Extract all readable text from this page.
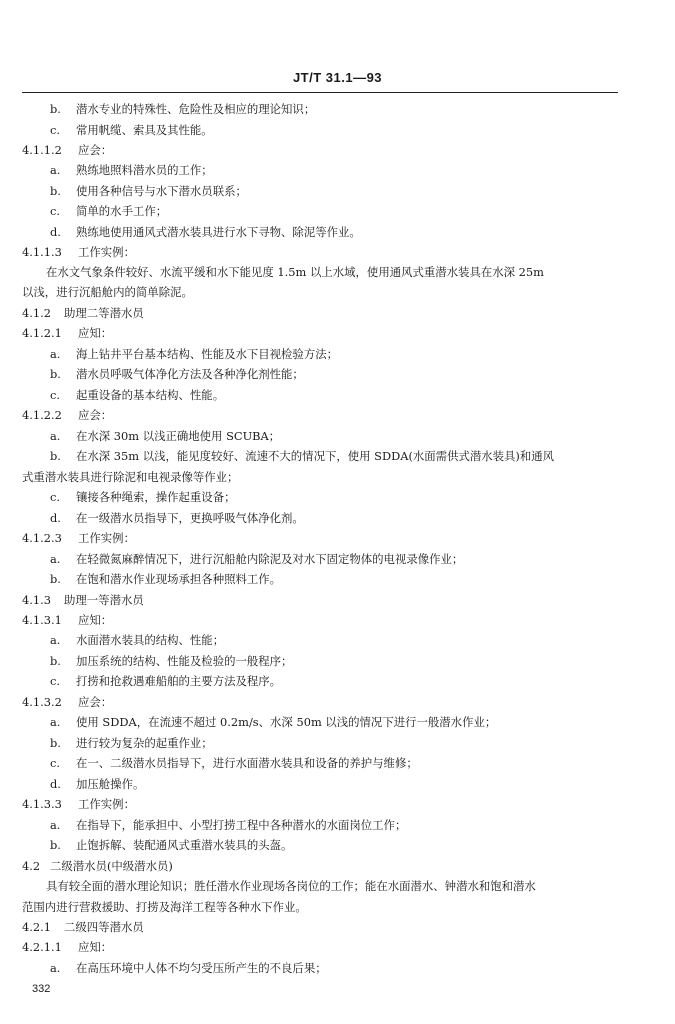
JT/T 31.1—93
b. 潜水专业的特殊性、危险性及相应的理论知识；
c. 常用帆缆、索具及其性能。
4.1.1.2 应会：
a. 熟练地照料潜水员的工作；
b. 使用各种信号与水下潜水员联系；
c. 简单的水手工作；
d. 熟练地使用通风式潜水装具进行水下寻物、除泥等作业。
4.1.1.3 工作实例：
在水文气象条件较好、水流平缓和水下能见度 1.5m 以上水域，使用通风式重潜水装具在水深 25m
以浅，进行沉船舱内的简单除泥。
4.1.2 助理二等潜水员
4.1.2.1 应知：
a. 海上钻井平台基本结构、性能及水下目视检验方法；
b. 潜水员呼吸气体净化方法及各种净化剂性能；
c. 起重设备的基本结构、性能。
4.1.2.2 应会：
a. 在水深 30m 以浅正确地使用 SCUBA；
b. 在水深 35m 以浅，能见度较好、流速不大的情况下，使用 SDDA(水面需供式潜水装具)和通风
式重潜水装具进行除泥和电视录像等作业；
c. 镶接各种绳索，操作起重设备；
d. 在一级潜水员指导下，更换呼吸气体净化剂。
4.1.2.3 工作实例：
a. 在轻微氮麻醉情况下，进行沉船舱内除泥及对水下固定物体的电视录像作业；
b. 在饱和潜水作业现场承担各种照料工作。
4.1.3 助理一等潜水员
4.1.3.1 应知：
a. 水面潜水装具的结构、性能；
b. 加压系统的结构、性能及检验的一般程序；
c. 打捞和抢救遇难船舶的主要方法及程序。
4.1.3.2 应会：
a. 使用 SDDA，在流速不超过 0.2m/s、水深 50m 以浅的情况下进行一般潜水作业；
b. 进行较为复杂的起重作业；
c. 在一、二级潜水员指导下，进行水面潜水装具和设备的养护与维修；
d. 加压舱操作。
4.1.3.3 工作实例：
a. 在指导下，能承担中、小型打捞工程中各种潜水的水面岗位工作；
b. 止饱拆解、装配通风式重潜水装具的头盔。
4.2 二级潜水员(中级潜水员)
具有较全面的潜水理论知识；胜任潜水作业现场各岗位的工作；能在水面潜水、钟潜水和饱和潜水
范围内进行营救援助、打捞及海洋工程等各种水下作业。
4.2.1 二级四等潜水员
4.2.1.1 应知：
a. 在高压环境中人体不均匀受压所产生的不良后果；
332
